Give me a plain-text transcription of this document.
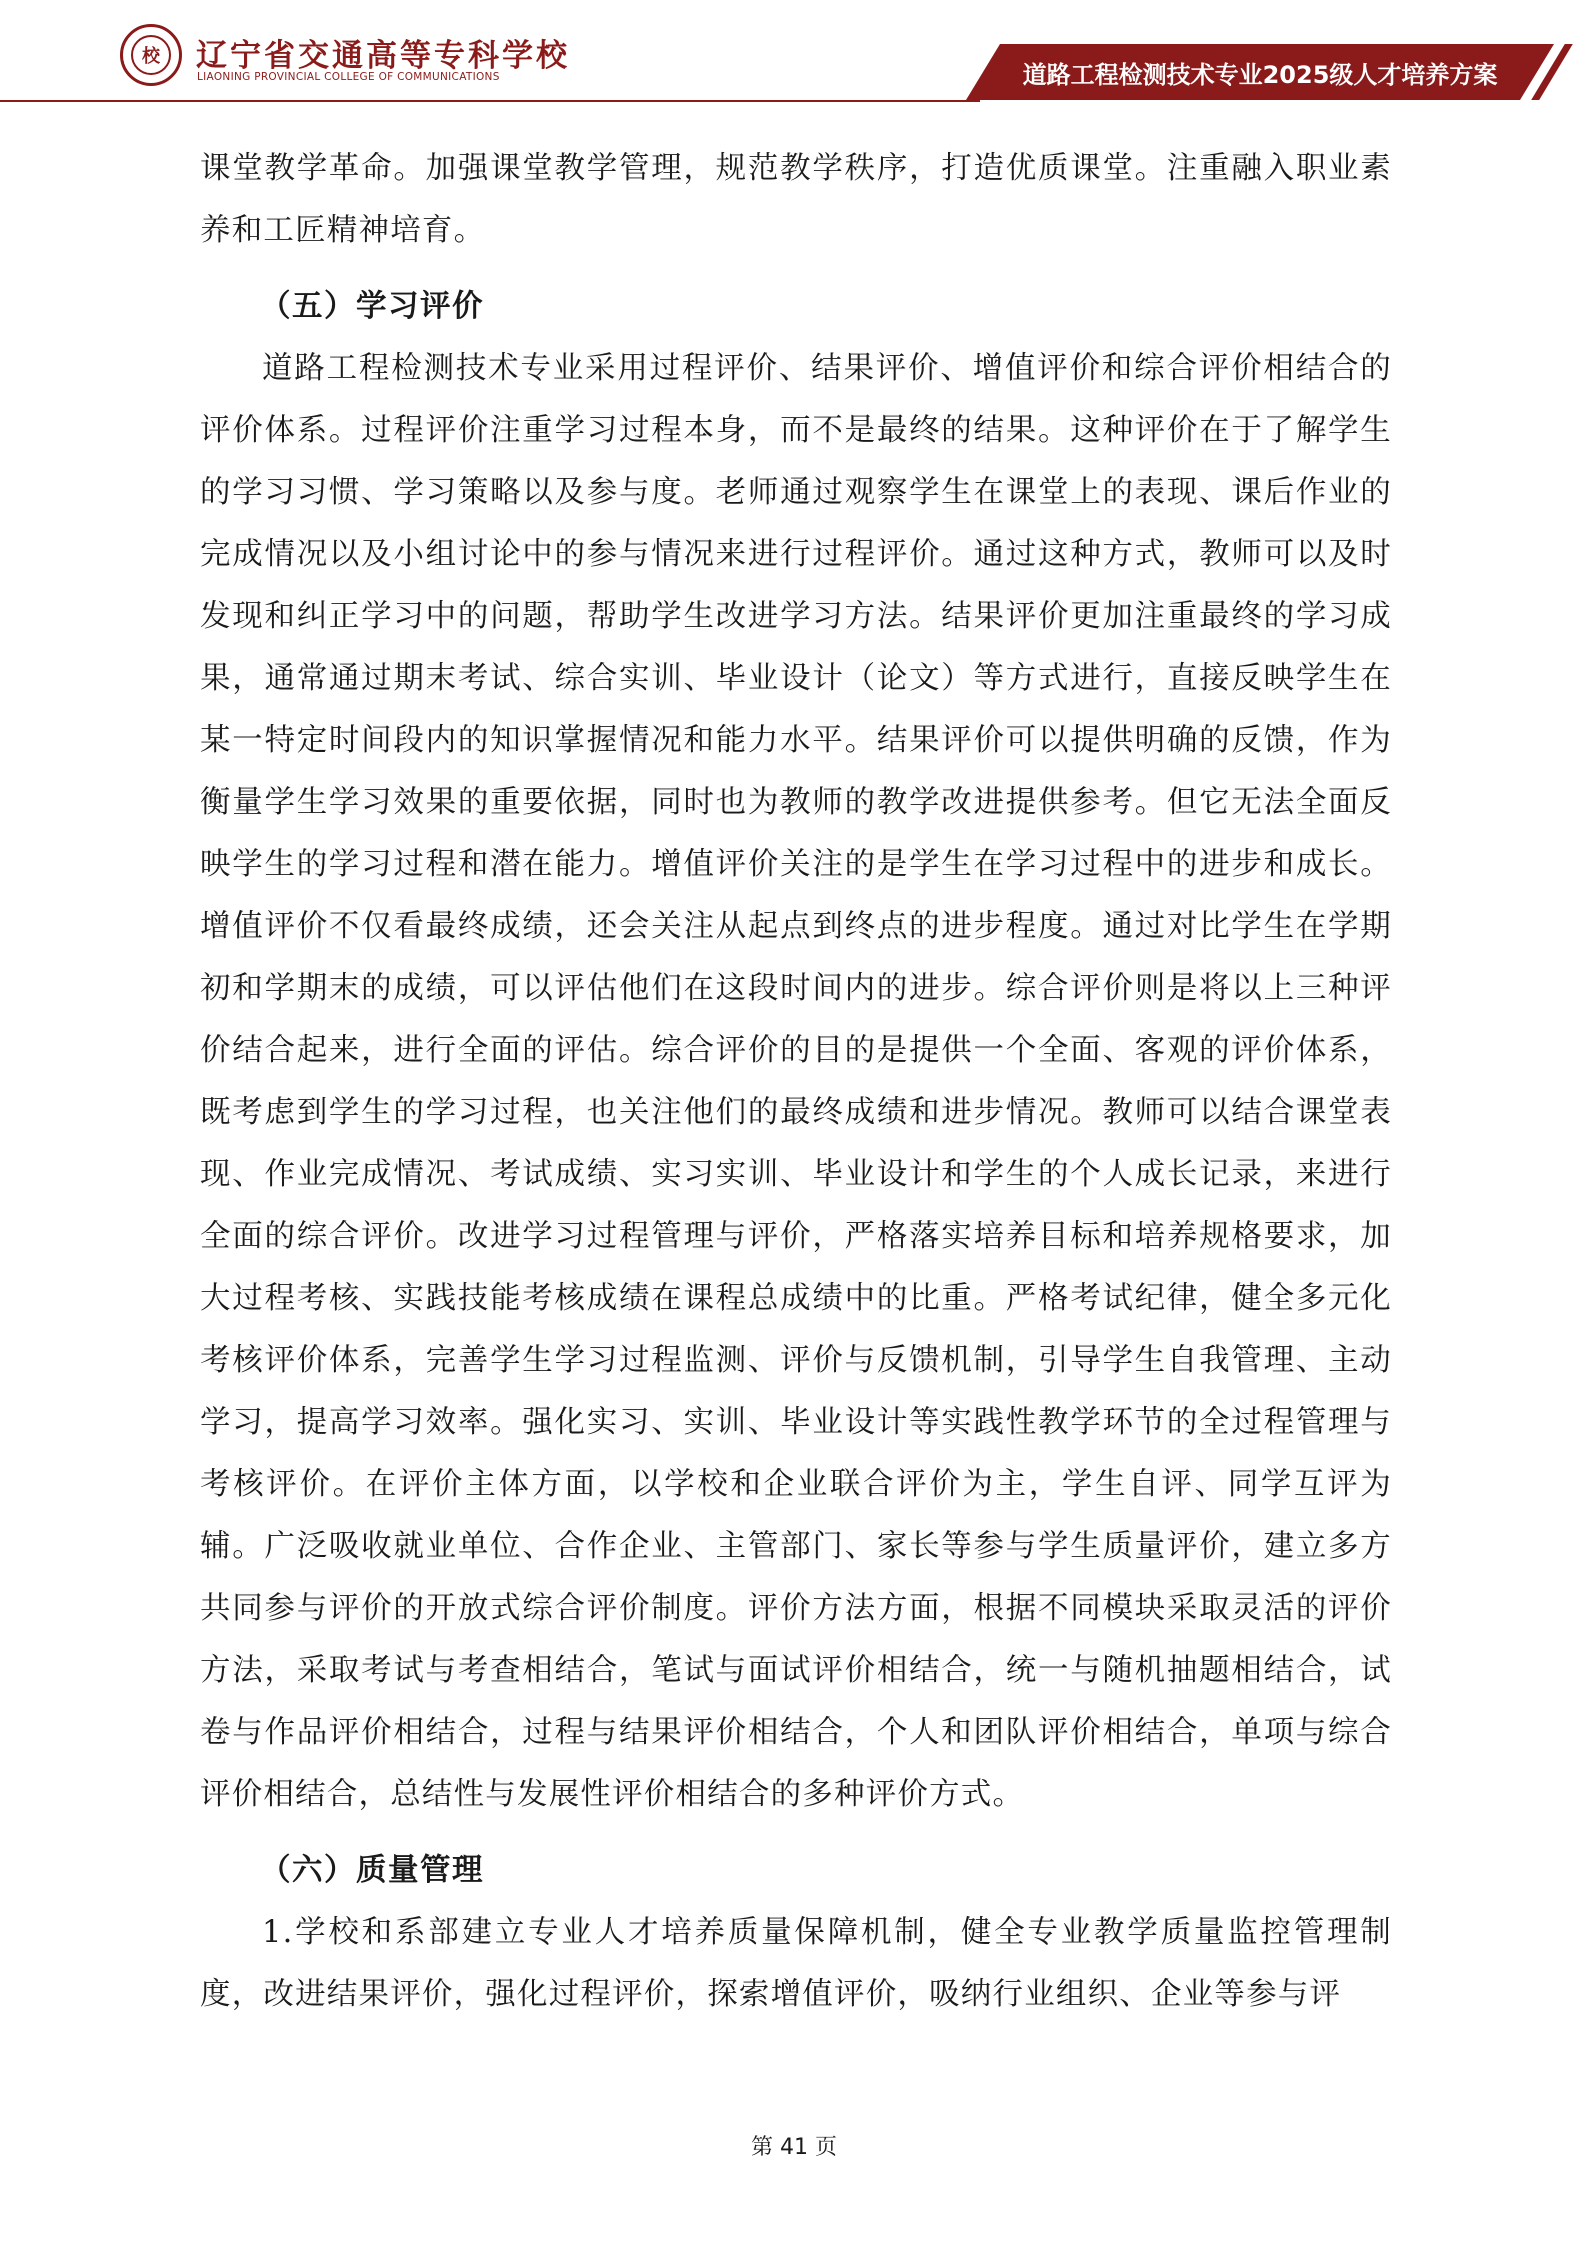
校	辽宁省交通高等专科学校
LIAONING PROVINCIAL COLLEGE OF COMMUNICATIONS	道路工程检测技术专业2025级人才培养方案

课堂教学革命。加强课堂教学管理，规范教学秩序，打造优质课堂。注重融入职业素养和工匠精神培育。

（五）学习评价

道路工程检测技术专业采用过程评价、结果评价、增值评价和综合评价相结合的评价体系。过程评价注重学习过程本身，而不是最终的结果。这种评价在于了解学生的学习习惯、学习策略以及参与度。老师通过观察学生在课堂上的表现、课后作业的完成情况以及小组讨论中的参与情况来进行过程评价。通过这种方式，教师可以及时发现和纠正学习中的问题，帮助学生改进学习方法。结果评价更加注重最终的学习成果，通常通过期末考试、综合实训、毕业设计（论文）等方式进行，直接反映学生在某一特定时间段内的知识掌握情况和能力水平。结果评价可以提供明确的反馈，作为衡量学生学习效果的重要依据，同时也为教师的教学改进提供参考。但它无法全面反映学生的学习过程和潜在能力。增值评价关注的是学生在学习过程中的进步和成长。增值评价不仅看最终成绩，还会关注从起点到终点的进步程度。通过对比学生在学期初和学期末的成绩，可以评估他们在这段时间内的进步。综合评价则是将以上三种评价结合起来，进行全面的评估。综合评价的目的是提供一个全面、客观的评价体系，既考虑到学生的学习过程，也关注他们的最终成绩和进步情况。教师可以结合课堂表现、作业完成情况、考试成绩、实习实训、毕业设计和学生的个人成长记录，来进行全面的综合评价。改进学习过程管理与评价，严格落实培养目标和培养规格要求，加大过程考核、实践技能考核成绩在课程总成绩中的比重。严格考试纪律，健全多元化考核评价体系，完善学生学习过程监测、评价与反馈机制，引导学生自我管理、主动学习，提高学习效率。强化实习、实训、毕业设计等实践性教学环节的全过程管理与考核评价。在评价主体方面，以学校和企业联合评价为主，学生自评、同学互评为辅。广泛吸收就业单位、合作企业、主管部门、家长等参与学生质量评价，建立多方共同参与评价的开放式综合评价制度。评价方法方面，根据不同模块采取灵活的评价方法，采取考试与考查相结合，笔试与面试评价相结合，统一与随机抽题相结合，试卷与作品评价相结合，过程与结果评价相结合，个人和团队评价相结合，单项与综合评价相结合，总结性与发展性评价相结合的多种评价方式。

（六）质量管理

1.学校和系部建立专业人才培养质量保障机制，健全专业教学质量监控管理制度，改进结果评价，强化过程评价，探索增值评价，吸纳行业组织、企业等参与评

第 41 页
